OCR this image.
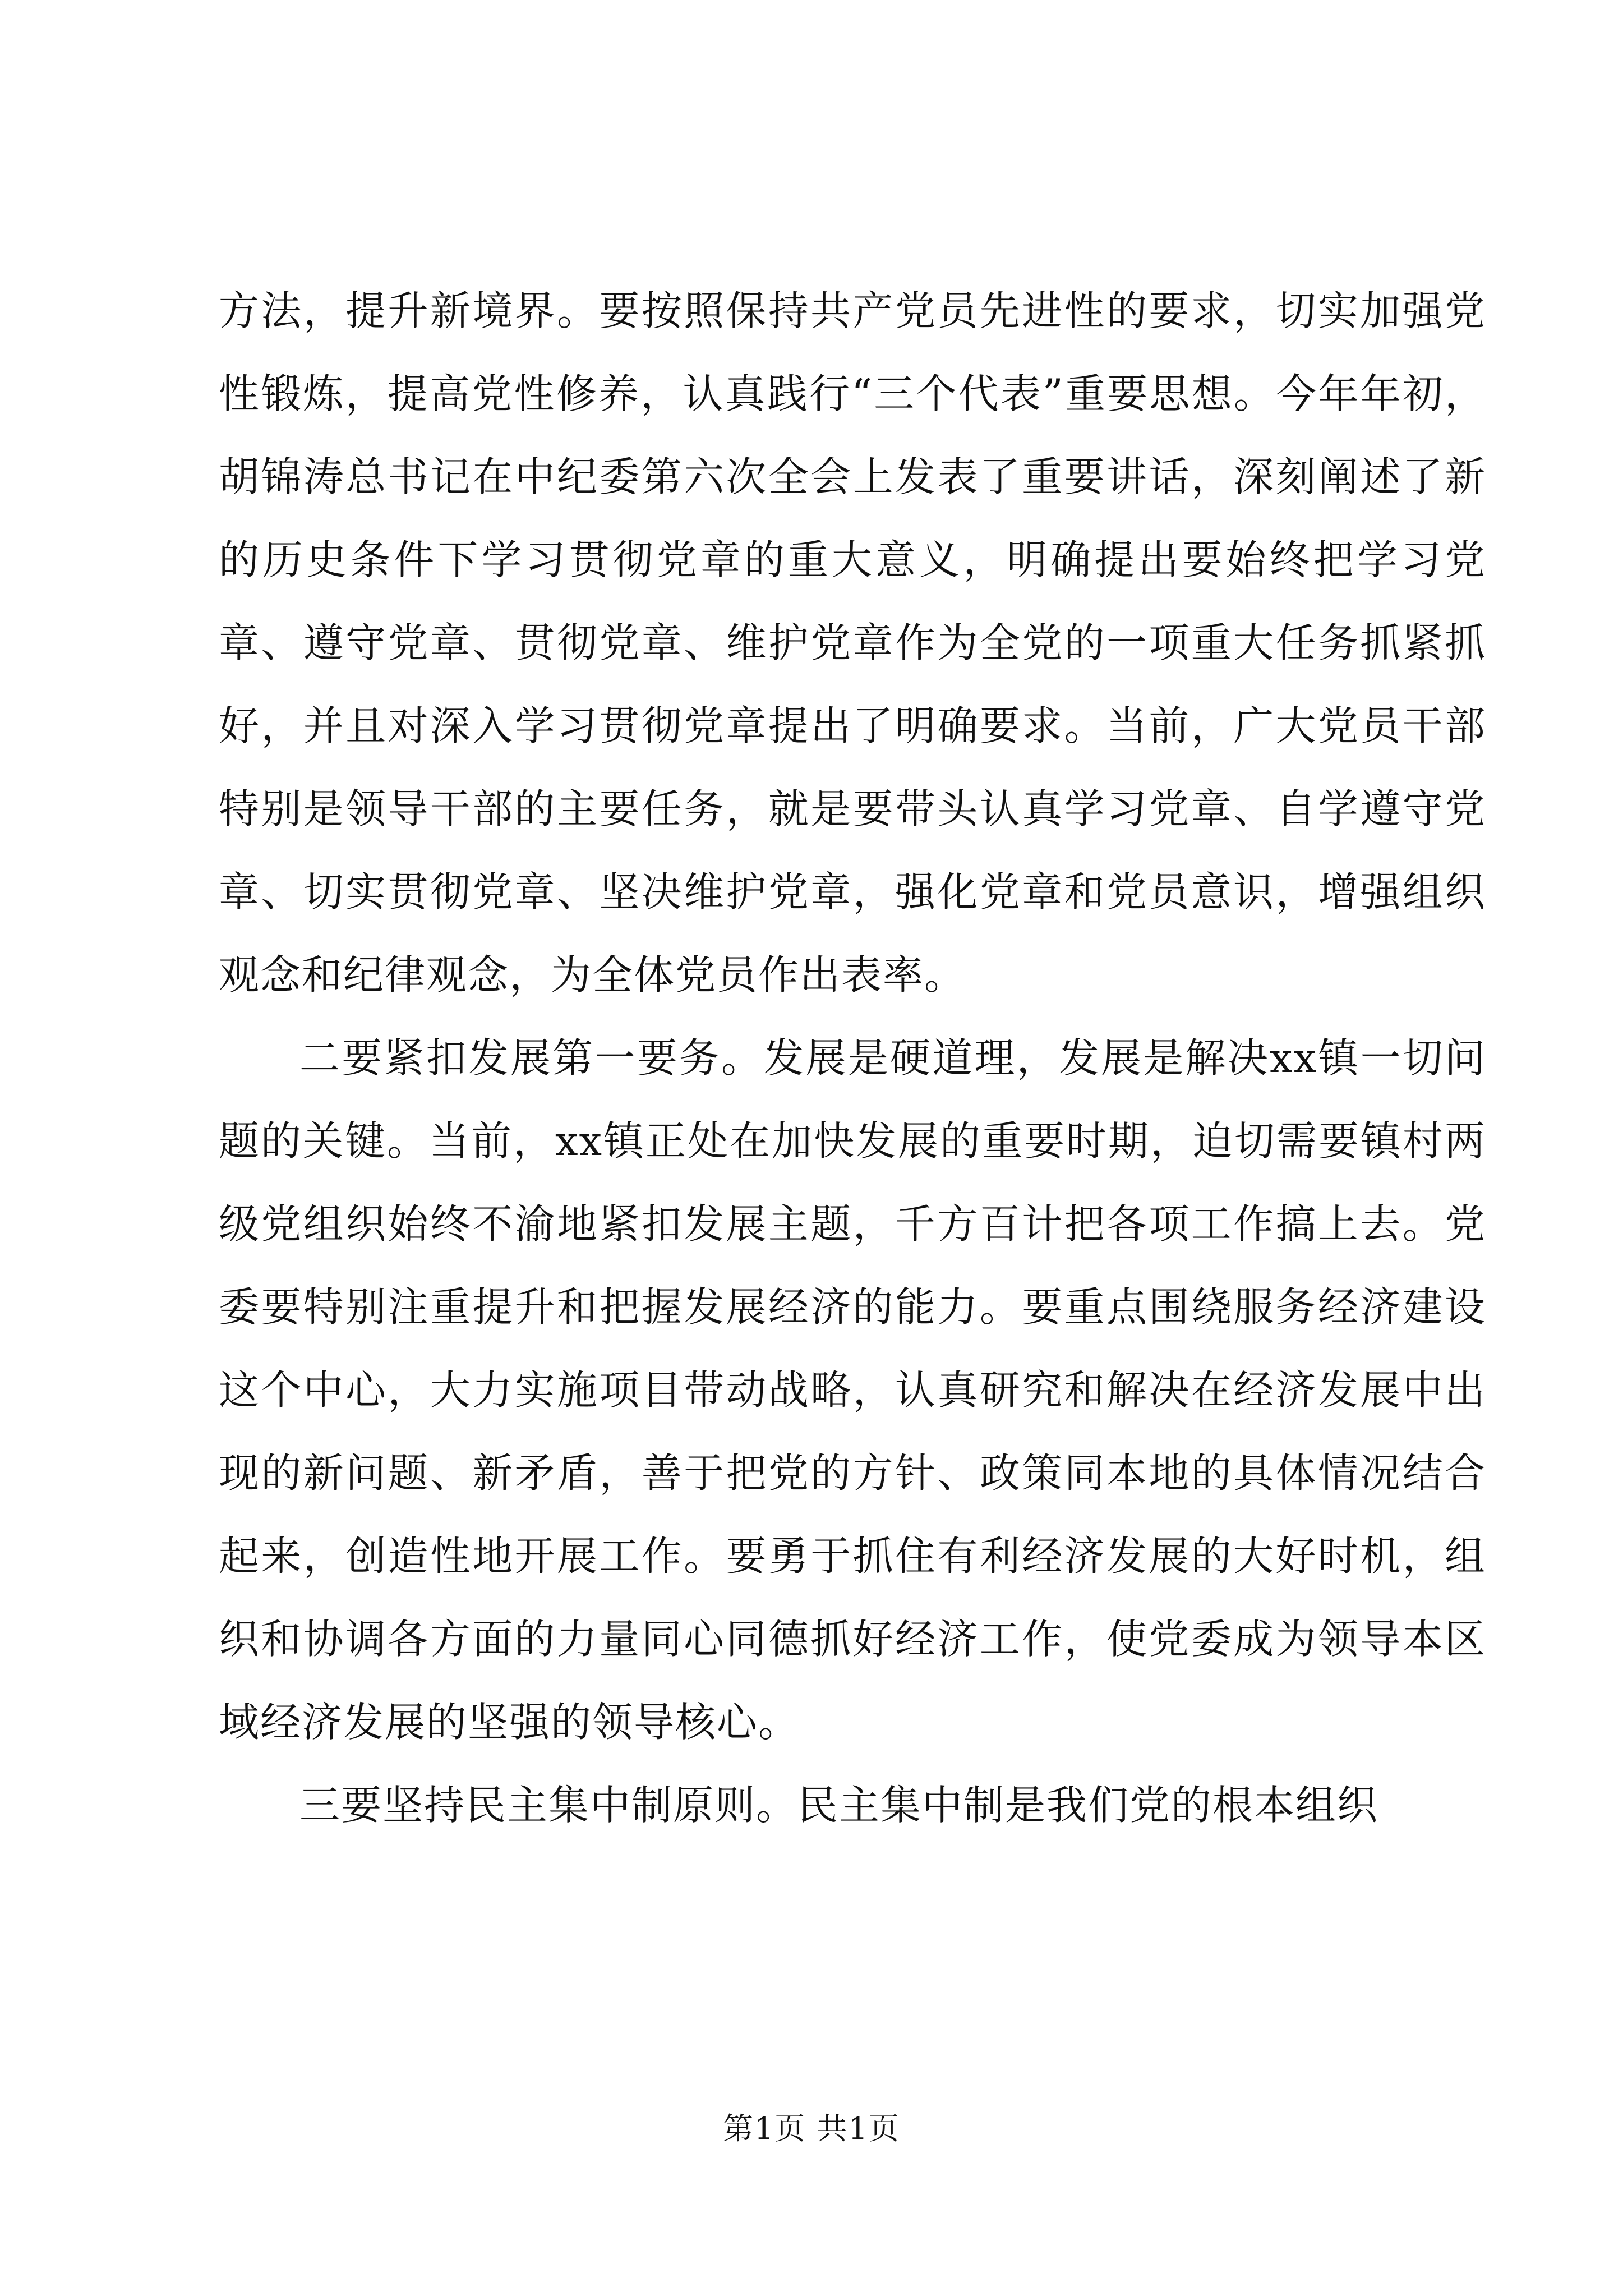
方法，提升新境界。要按照保持共产党员先进性的要求，切实加强党性锻炼，提高党性修养，认真践行“三个代表”重要思想。今年年初，胡锦涛总书记在中纪委第六次全会上发表了重要讲话，深刻阐述了新的历史条件下学习贯彻党章的重大意义，明确提出要始终把学习党章、遵守党章、贯彻党章、维护党章作为全党的一项重大任务抓紧抓好，并且对深入学习贯彻党章提出了明确要求。当前，广大党员干部特别是领导干部的主要任务，就是要带头认真学习党章、自学遵守党章、切实贯彻党章、坚决维护党章，强化党章和党员意识，增强组织观念和纪律观念，为全体党员作出表率。

二要紧扣发展第一要务。发展是硬道理，发展是解决xx镇一切问题的关键。当前，xx镇正处在加快发展的重要时期，迫切需要镇村两级党组织始终不渝地紧扣发展主题，千方百计把各项工作搞上去。党委要特别注重提升和把握发展经济的能力。要重点围绕服务经济建设这个中心，大力实施项目带动战略，认真研究和解决在经济发展中出现的新问题、新矛盾，善于把党的方针、政策同本地的具体情况结合起来，创造性地开展工作。要勇于抓住有利经济发展的大好时机，组织和协调各方面的力量同心同德抓好经济工作，使党委成为领导本区域经济发展的坚强的领导核心。

三要坚持民主集中制原则。民主集中制是我们党的根本组织

第1页 共1页
